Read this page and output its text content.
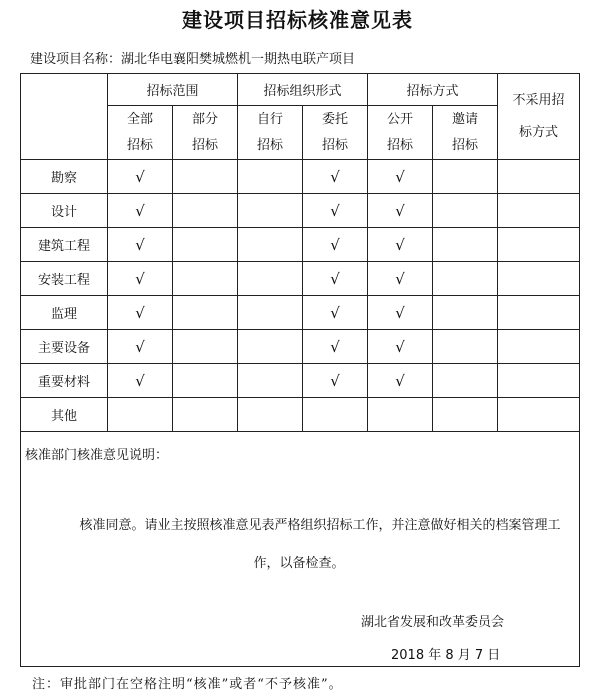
建设项目招标核准意见表
建设项目名称：湖北华电襄阳樊城燃机一期热电联产项目
	招标范围		招标组织形式		招标方式		不采用招标方式
	全部招标	部分招标	自行招标	委托招标	公开招标	邀请招标	
勘察	√			√	√		
设计	√			√	√		
建筑工程	√			√	√		
安装工程	√			√	√		
监理	√			√	√		
主要设备	√			√	√		
重要材料	√			√	√		
其他							

核准部门核准意见说明：
核准同意。请业主按照核准意见表严格组织招标工作，并注意做好相关的档案管理工作，以备检查。
湖北省发展和改革委员会
2018 年 8 月 7 日							
注：审批部门在空格注明“核准”或者“不予核准”。
